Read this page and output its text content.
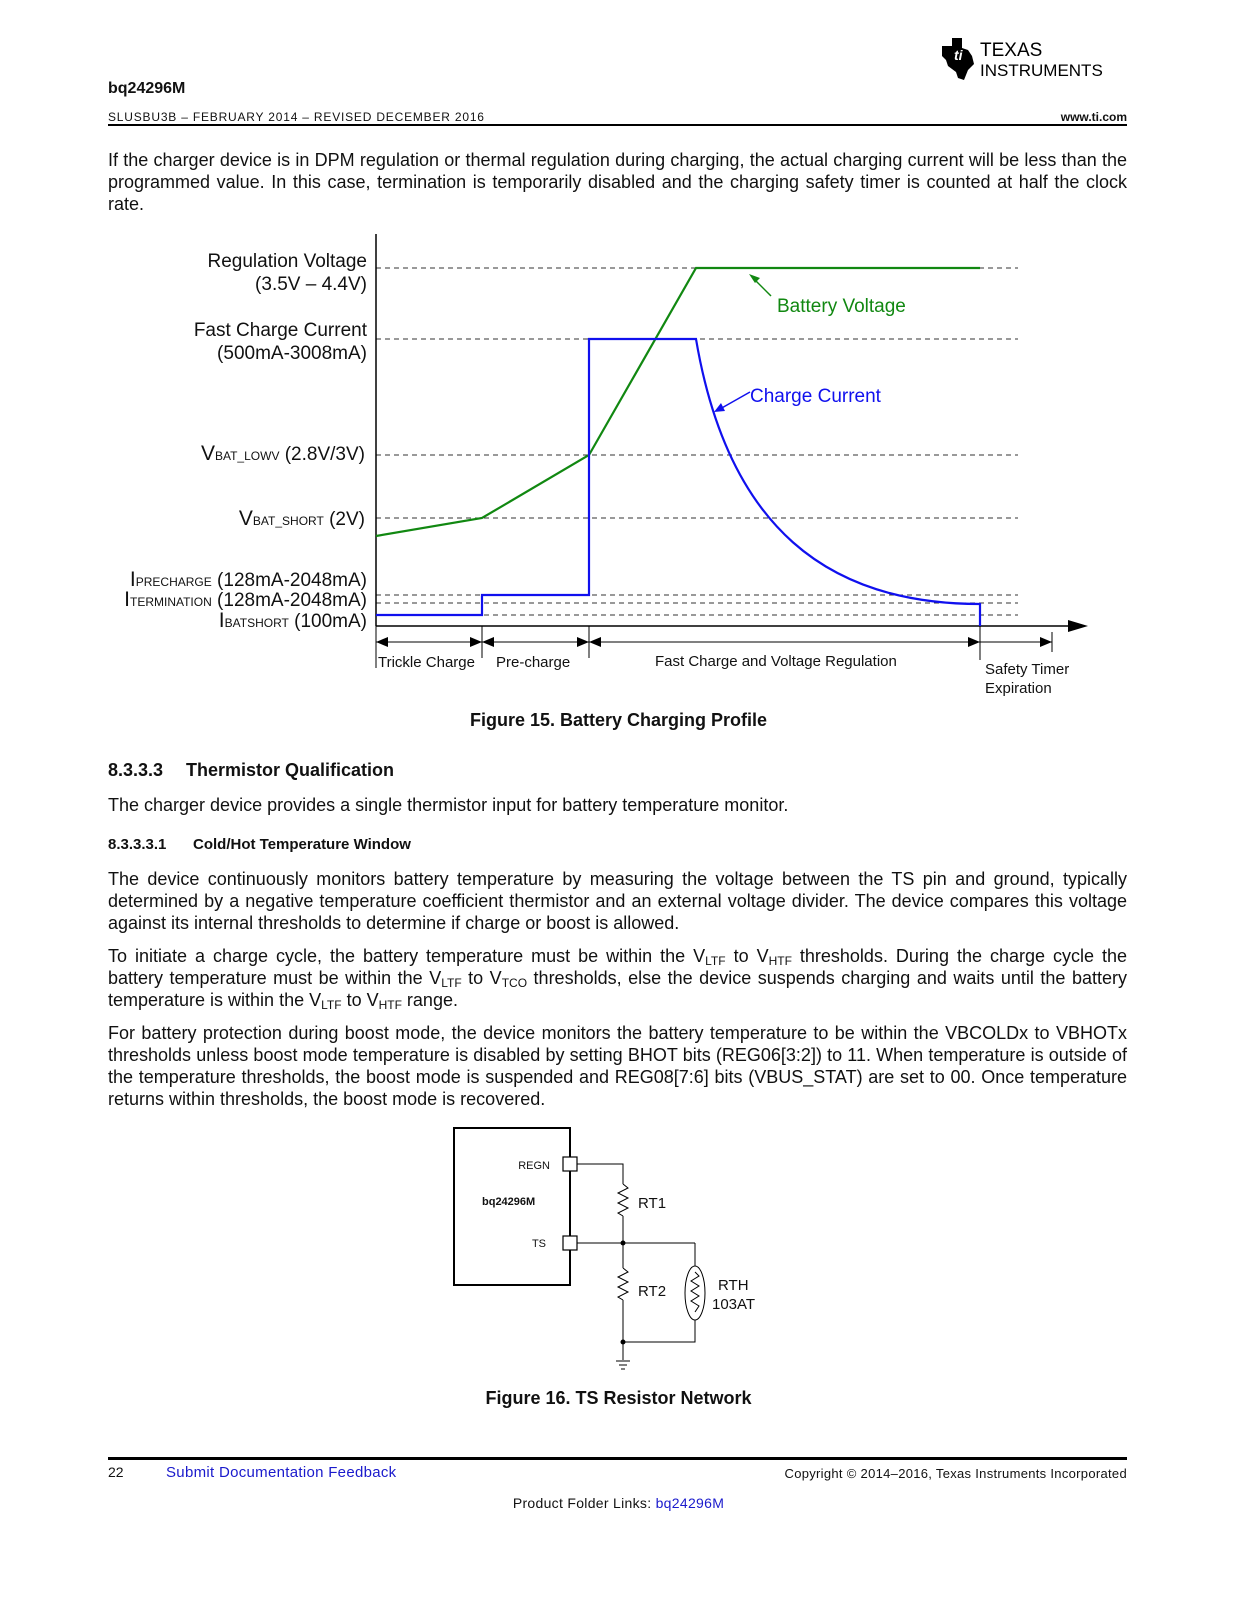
ti TEXAS
INSTRUMENTS
bq24296M
SLUSBU3B – FEBRUARY 2014 – REVISED DECEMBER 2016	www.ti.com
If the charger device is in DPM regulation or thermal regulation during charging, the actual charging current will be less than the programmed value. In this case, termination is temporarily disabled and the charging safety timer is counted at half the clock rate.
Battery Voltage
Charge Current
Regulation Voltage
(3.5V – 4.4V)
Fast Charge Current
(500mA-3008mA)
VBAT_LOWV (2.8V/3V)
VBAT_SHORT (2V)
IPRECHARGE (128mA-2048mA)
ITERMINATION (128mA-2048mA)
IBATSHORT (100mA)
Trickle Charge Pre-charge	Fast Charge and Voltage Regulation	Safety Timer
Expiration
Figure 15. Battery Charging Profile
8.3.3.3 Thermistor Qualification
The charger device provides a single thermistor input for battery temperature monitor.
8.3.3.3.1 Cold/Hot Temperature Window
The device continuously monitors battery temperature by measuring the voltage between the TS pin and ground, typically determined by a negative temperature coefficient thermistor and an external voltage divider. The device compares this voltage against its internal thresholds to determine if charge or boost is allowed.
To initiate a charge cycle, the battery temperature must be within the $V_{LTF}$ to $V_{HTF}$ thresholds. During the charge cycle the battery temperature must be within the $V_{LTF}$ to $V_{TCO}$ thresholds, else the device suspends charging and waits until the battery temperature is within the $V_{LTF}$ to $V_{HTF}$ range.
For battery protection during boost mode, the device monitors the battery temperature to be within the VBCOLDx to VBHOTx thresholds unless boost mode temperature is disabled by setting BHOT bits (REG06[3:2]) to 11. When temperature is outside of the temperature thresholds, the boost mode is suspended and REG08[7:6] bits (VBUS_STAT) are set to 00. Once temperature returns within thresholds, the boost mode is recovered.
REGN
bq24296M
TS
RT1
RT2	RTH
103AT
Figure 16. TS Resistor Network
22	Submit Documentation Feedback	Copyright © 2014–2016, Texas Instruments Incorporated
Product Folder Links: bq24296M
